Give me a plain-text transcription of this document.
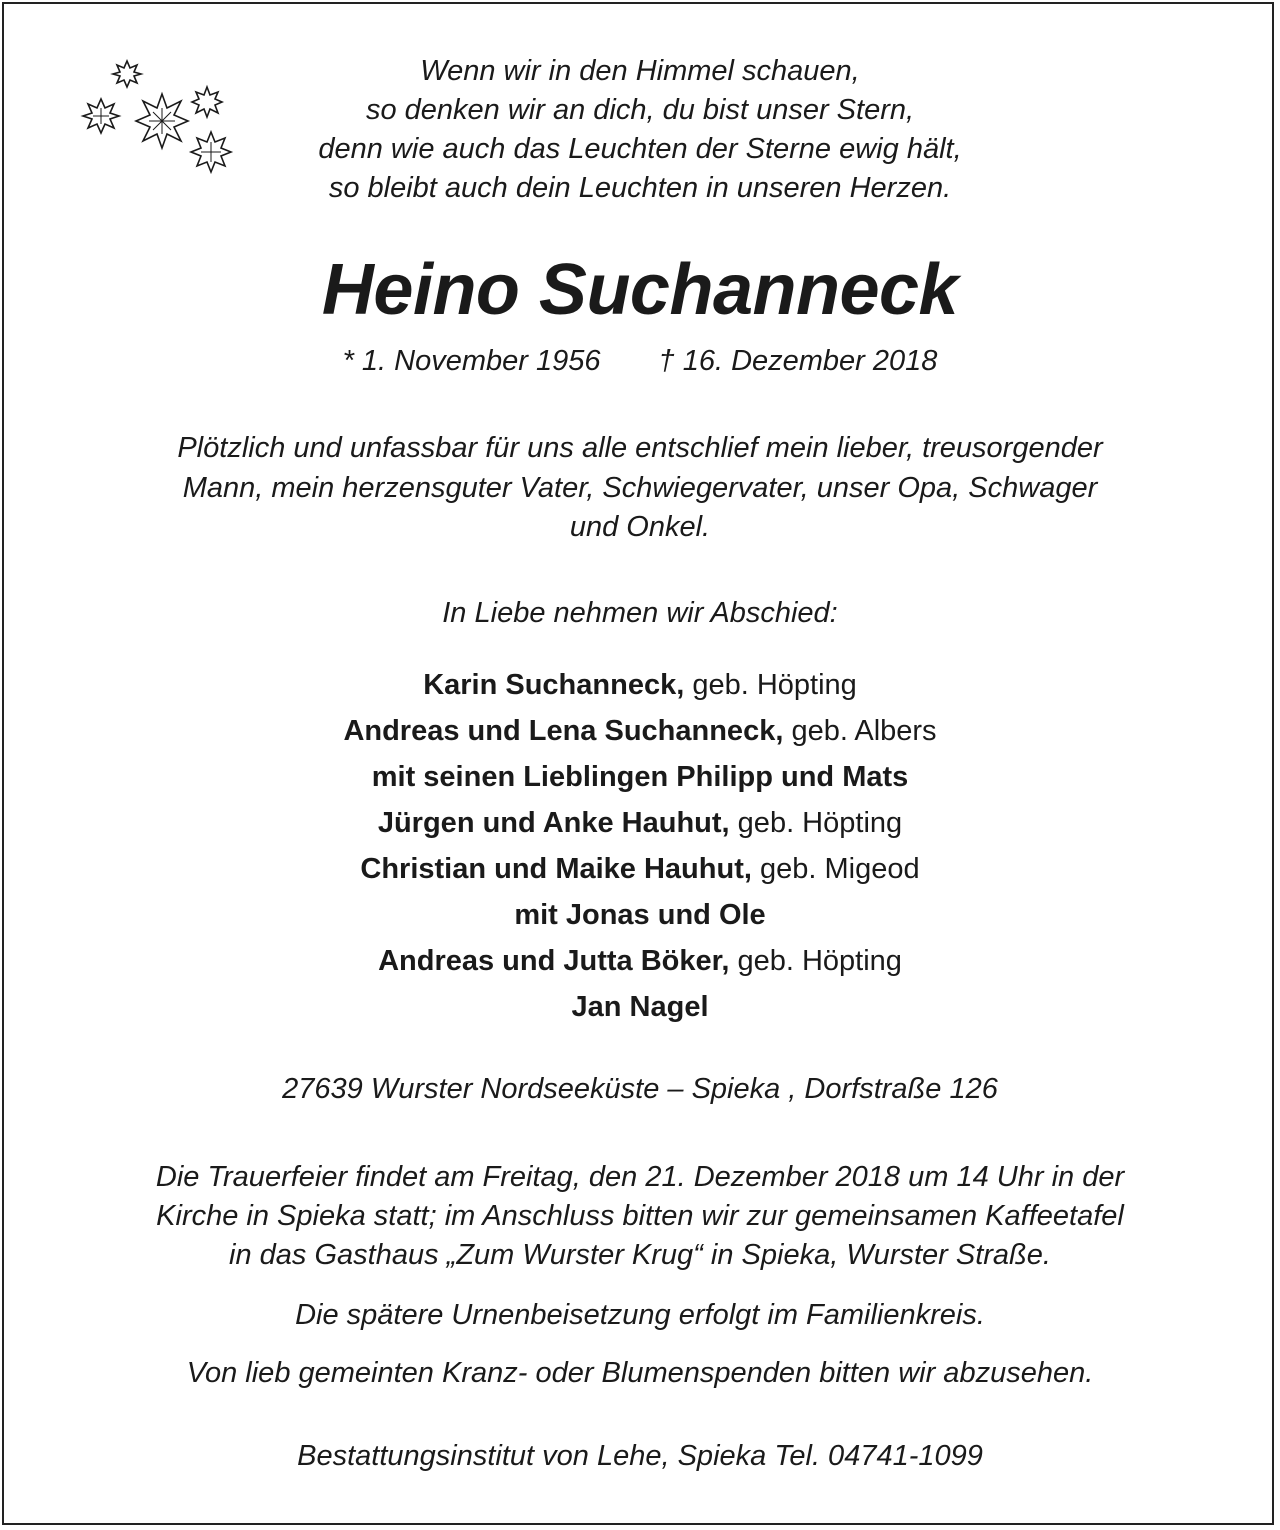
Wenn wir in den Himmel schauen,
so denken wir an dich, du bist unser Stern,
denn wie auch das Leuchten der Sterne ewig hält,
so bleibt auch dein Leuchten in unseren Herzen.
Heino Suchanneck
* 1. November 1956 † 16. Dezember 2018
Plötzlich und unfassbar für uns alle entschlief mein lieber, treusorgender
Mann, mein herzensguter Vater, Schwiegervater, unser Opa, Schwager
und Onkel.
In Liebe nehmen wir Abschied:
Karin Suchanneck, geb. Höpting
Andreas und Lena Suchanneck, geb. Albers
mit seinen Lieblingen Philipp und Mats
Jürgen und Anke Hauhut, geb. Höpting
Christian und Maike Hauhut, geb. Migeod
mit Jonas und Ole
Andreas und Jutta Böker, geb. Höpting
Jan Nagel
27639 Wurster Nordseeküste – Spieka , Dorfstraße 126
Die Trauerfeier findet am Freitag, den 21. Dezember 2018 um 14 Uhr in der
Kirche in Spieka statt; im Anschluss bitten wir zur gemeinsamen Kaffeetafel
in das Gasthaus „Zum Wurster Krug“ in Spieka, Wurster Straße.
Die spätere Urnenbeisetzung erfolgt im Familienkreis.
Von lieb gemeinten Kranz- oder Blumenspenden bitten wir abzusehen.
Bestattungsinstitut von Lehe, Spieka Tel. 04741-1099
